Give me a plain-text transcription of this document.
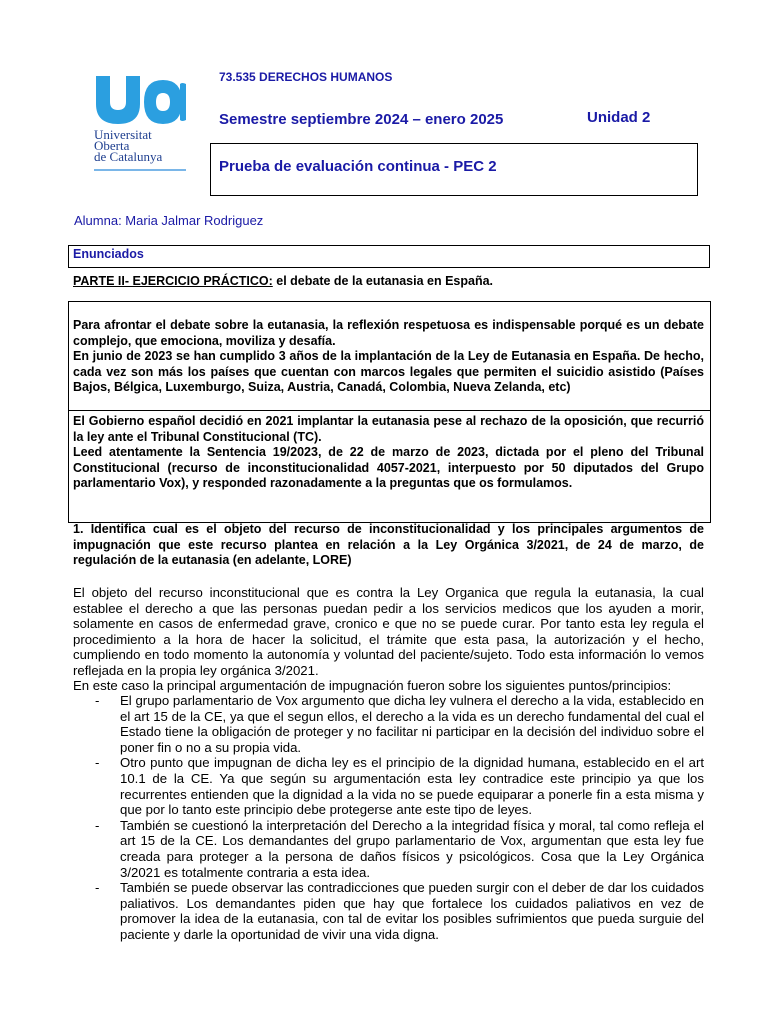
Universitat
Oberta
de Catalunya
73.535 DERECHOS HUMANOS
Semestre septiembre 2024 – enero 2025	Unidad 2
Prueba de evaluación continua - PEC 2
Alumna: Maria Jalmar Rodriguez
Enunciados
PARTE II- EJERCICIO PRÁCTICO: el debate de la eutanasia en España.

Para afrontar el debate sobre la eutanasia, la reflexión respetuosa es indispensable porqué es un debate complejo, que emociona, moviliza y desafía.

En junio de 2023 se han cumplido 3 años de la implantación de la Ley de Eutanasia en España. De hecho, cada vez son más los países que cuentan con marcos legales que permiten el suicidio asistido (Países Bajos, Bélgica, Luxemburgo, Suiza, Austria, Canadá, Colombia, Nueva Zelanda, etc)

El Gobierno español decidió en 2021 implantar la eutanasia pese al rechazo de la oposición, que recurrió la ley ante el Tribunal Constitucional (TC).

Leed atentamente la Sentencia 19/2023, de 22 de marzo de 2023, dictada por el pleno del Tribunal Constitucional (recurso de inconstitucionalidad 4057-2021, interpuesto por 50 diputados del Grupo parlamentario Vox), y responded razonadamente a la preguntas que os formulamos.

1. Identifica cual es el objeto del recurso de inconstitucionalidad y los principales argumentos de impugnación que este recurso plantea en relación a la Ley Orgánica 3/2021, de 24 de marzo, de regulación de la eutanasia (en adelante, LORE)

El objeto del recurso inconstitucional que es contra la Ley Organica que regula la eutanasia, la cual establee el derecho a que las personas puedan pedir a los servicios medicos que los ayuden a morir, solamente en casos de enfermedad grave, cronico e que no se puede curar. Por tanto esta ley regula el procedimiento a la hora de hacer la solicitud, el trámite que esta pasa, la autorización y el hecho, cumpliendo en todo momento la autonomía y voluntad del paciente/sujeto. Todo esta información lo vemos reflejada en la propia ley orgánica 3/2021.

En este caso la principal argumentación de impugnación fueron sobre los siguientes puntos/principios:

- El grupo parlamentario de Vox argumento que dicha ley vulnera el derecho a la vida, establecido en el art 15 de la CE, ya que el segun ellos, el derecho a la vida es un derecho fundamental del cual el Estado tiene la obligación de proteger y no facilitar ni participar en la decisión del individuo sobre el poner fin o no a su propia vida.
- Otro punto que impugnan de dicha ley es el principio de la dignidad humana, establecido en el art 10.1 de la CE. Ya que según su argumentación esta ley contradice este principio ya que los recurrentes entienden que la dignidad a la vida no se puede equiparar a ponerle fin a esta misma y que por lo tanto este principio debe protegerse ante este tipo de leyes.
- También se cuestionó la interpretación del Derecho a la integridad física y moral, tal como refleja el art 15 de la CE. Los demandantes del grupo parlamentario de Vox, argumentan que esta ley fue creada para proteger a la persona de daños físicos y psicológicos. Cosa que la Ley Orgánica 3/2021 es totalmente contraria a esta idea.
- También se puede observar las contradicciones que pueden surgir con el deber de dar los cuidados paliativos. Los demandantes piden que hay que fortalece los cuidados paliativos en vez de promover la idea de la eutanasia, con tal de evitar los posibles sufrimientos que pueda surguie del paciente y darle la oportunidad de vivir una vida digna.
